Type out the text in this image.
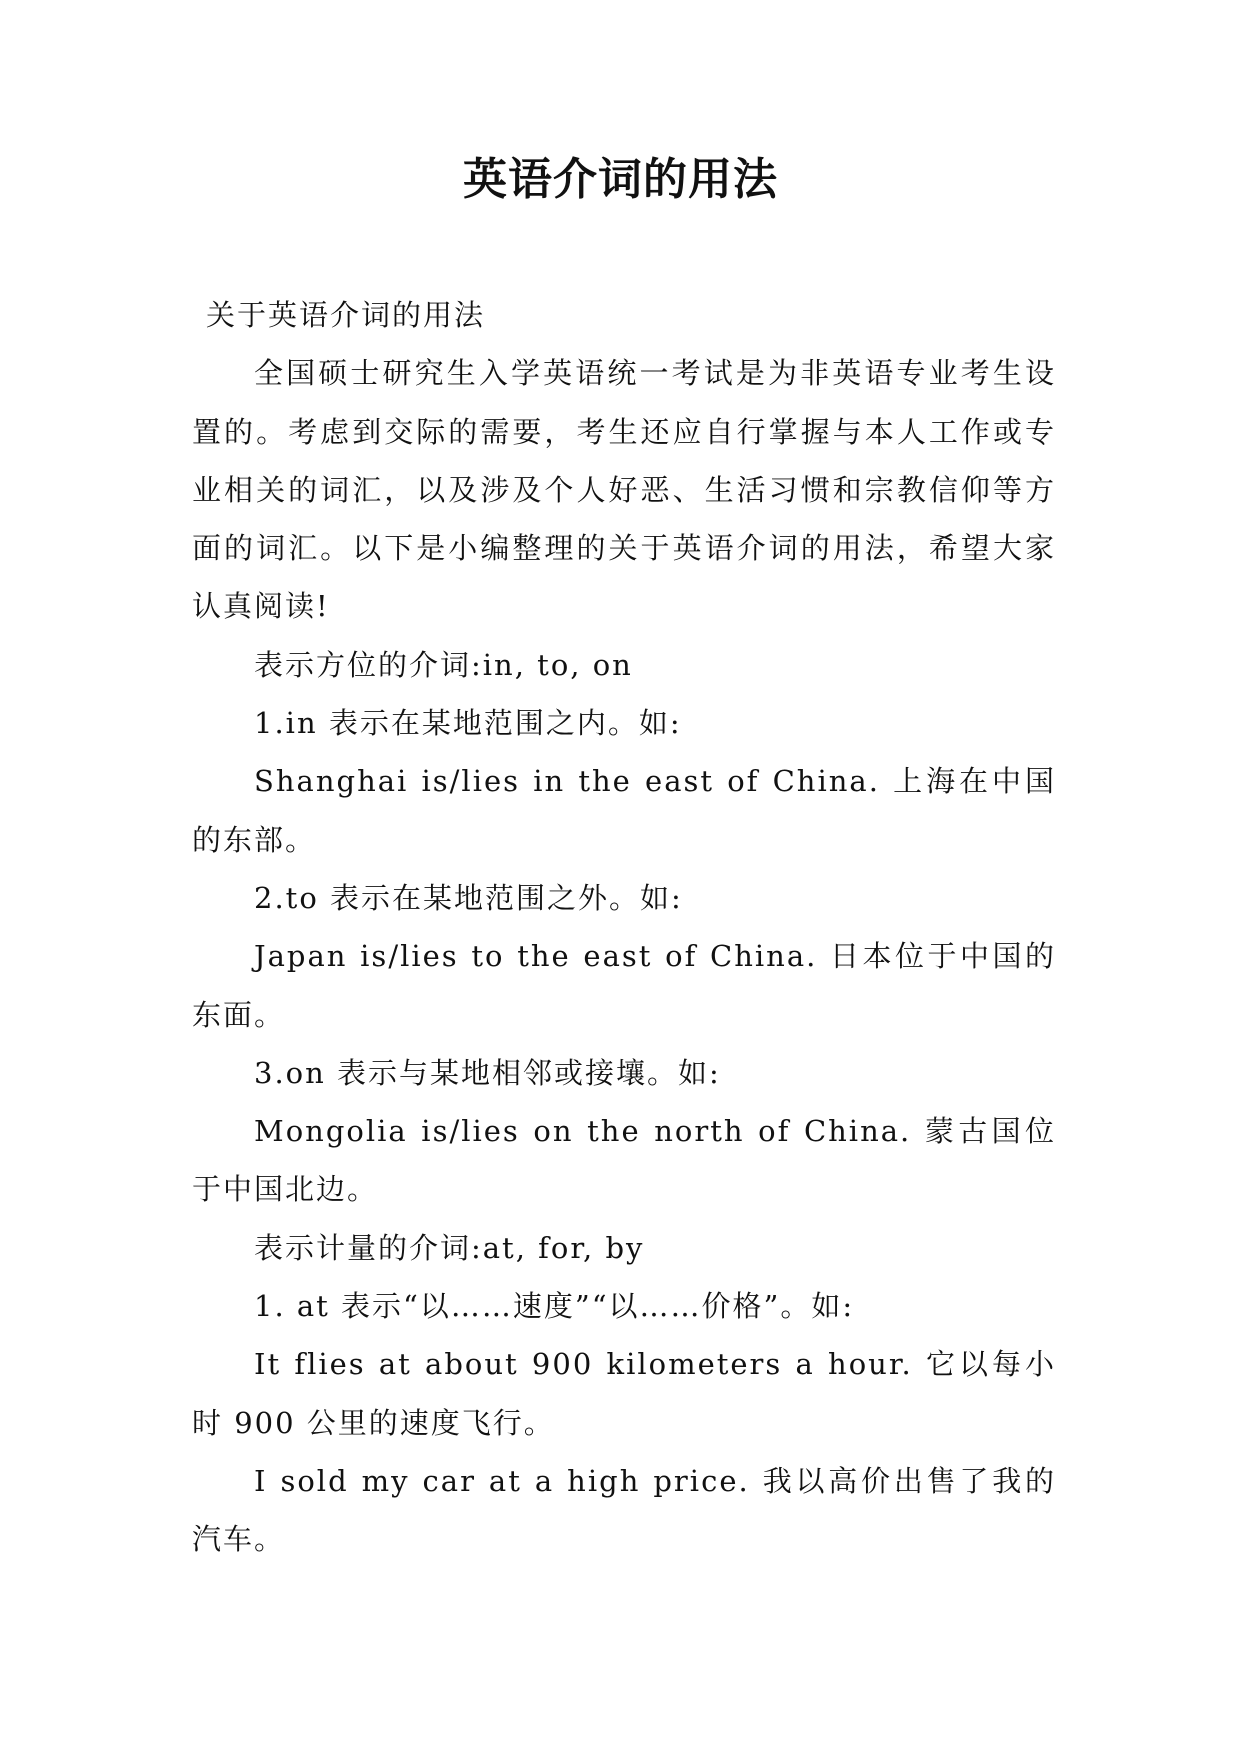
英语介词的用法

关于英语介词的用法

全国硕士研究生入学英语统一考试是为非英语专业考生设置的。考虑到交际的需要，考生还应自行掌握与本人工作或专业相关的词汇，以及涉及个人好恶、生活习惯和宗教信仰等方面的词汇。以下是小编整理的关于英语介词的用法，希望大家认真阅读!

表示方位的介词:in, to, on

1.in 表示在某地范围之内。如:

Shanghai is/lies in the east of China. 上海在中国的东部。

2.to 表示在某地范围之外。如:

Japan is/lies to the east of China. 日本位于中国的东面。

3.on 表示与某地相邻或接壤。如:

Mongolia is/lies on the north of China. 蒙古国位于中国北边。

表示计量的介词:at, for, by

1. at 表示“以……速度”“以……价格”。如:

It flies at about 900 kilometers a hour. 它以每小时 900 公里的速度飞行。

I sold my car at a high price. 我以高价出售了我的汽车。
